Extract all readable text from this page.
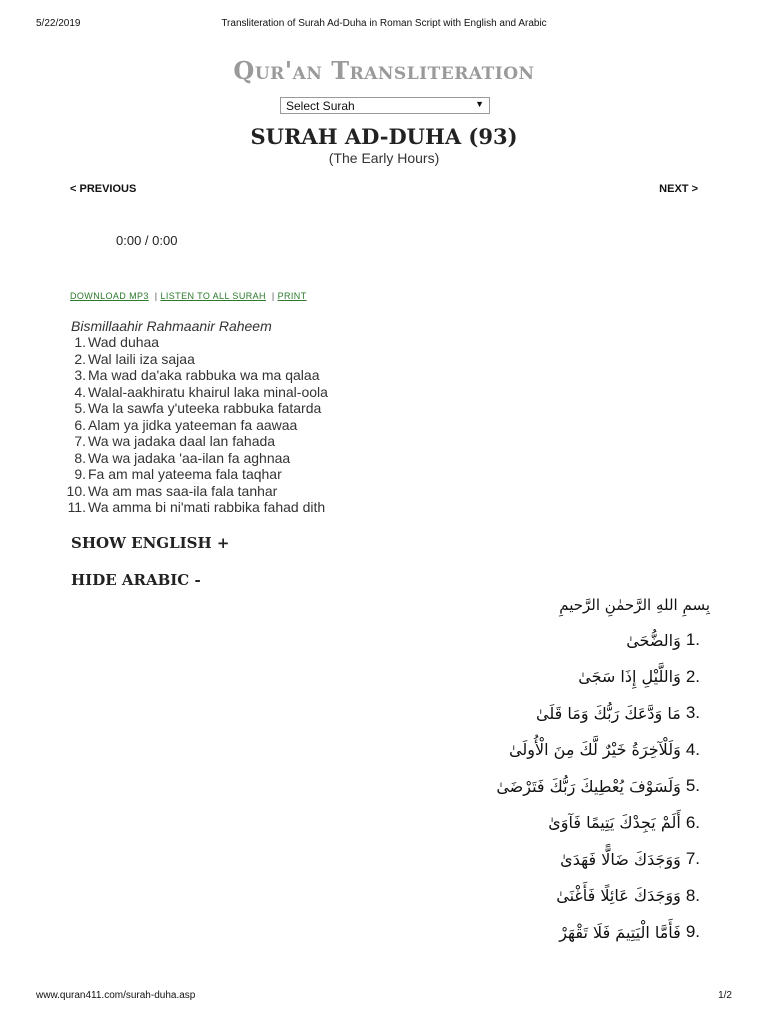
5/22/2019	Transliteration of Surah Ad-Duha in Roman Script with English and Arabic
Qur'an Transliteration
Select Surah	▼
SURAH AD-DUHA (93)
(The Early Hours)
< PREVIOUS	NEXT >
0:00 / 0:00
DOWNLOAD MP3 | LISTEN TO ALL SURAH | PRINT
Bismillaahir Rahmaanir Raheem
1. Wad duhaa
2. Wal laili iza sajaa
3. Ma wad da'aka rabbuka wa ma qalaa
4. Walal-aakhiratu khairul laka minal-oola
5. Wa la sawfa y'uteeka rabbuka fatarda
6. Alam ya jidka yateeman fa aawaa
7. Wa wa jadaka daal lan fahada
8. Wa wa jadaka 'aa-ilan fa aghnaa
9. Fa am mal yateema fala taqhar
10. Wa am mas saa-ila fala tanhar
11. Wa amma bi ni'mati rabbika fahad dith
SHOW ENGLISH +
HIDE ARABIC -
بِسمِ اللهِ الرَّحمٰنِ الرَّحيمِ
وَالضُّحَىٰ 1.
وَاللَّيْلِ إِذَا سَجَىٰ 2.
مَا وَدَّعَكَ رَبُّكَ وَمَا قَلَىٰ 3.
وَلَلْآخِرَةُ خَيْرٌ لَّكَ مِنَ الْأُولَىٰ 4.
وَلَسَوْفَ يُعْطِيكَ رَبُّكَ فَتَرْضَىٰ 5.
أَلَمْ يَجِدْكَ يَتِيمًا فَآوَىٰ 6.
وَوَجَدَكَ ضَالًّا فَهَدَىٰ 7.
وَوَجَدَكَ عَائِلًا فَأَغْنَىٰ 8.
فَأَمَّا الْيَتِيمَ فَلَا تَقْهَرْ 9.
www.quran411.com/surah-duha.asp	1/2
